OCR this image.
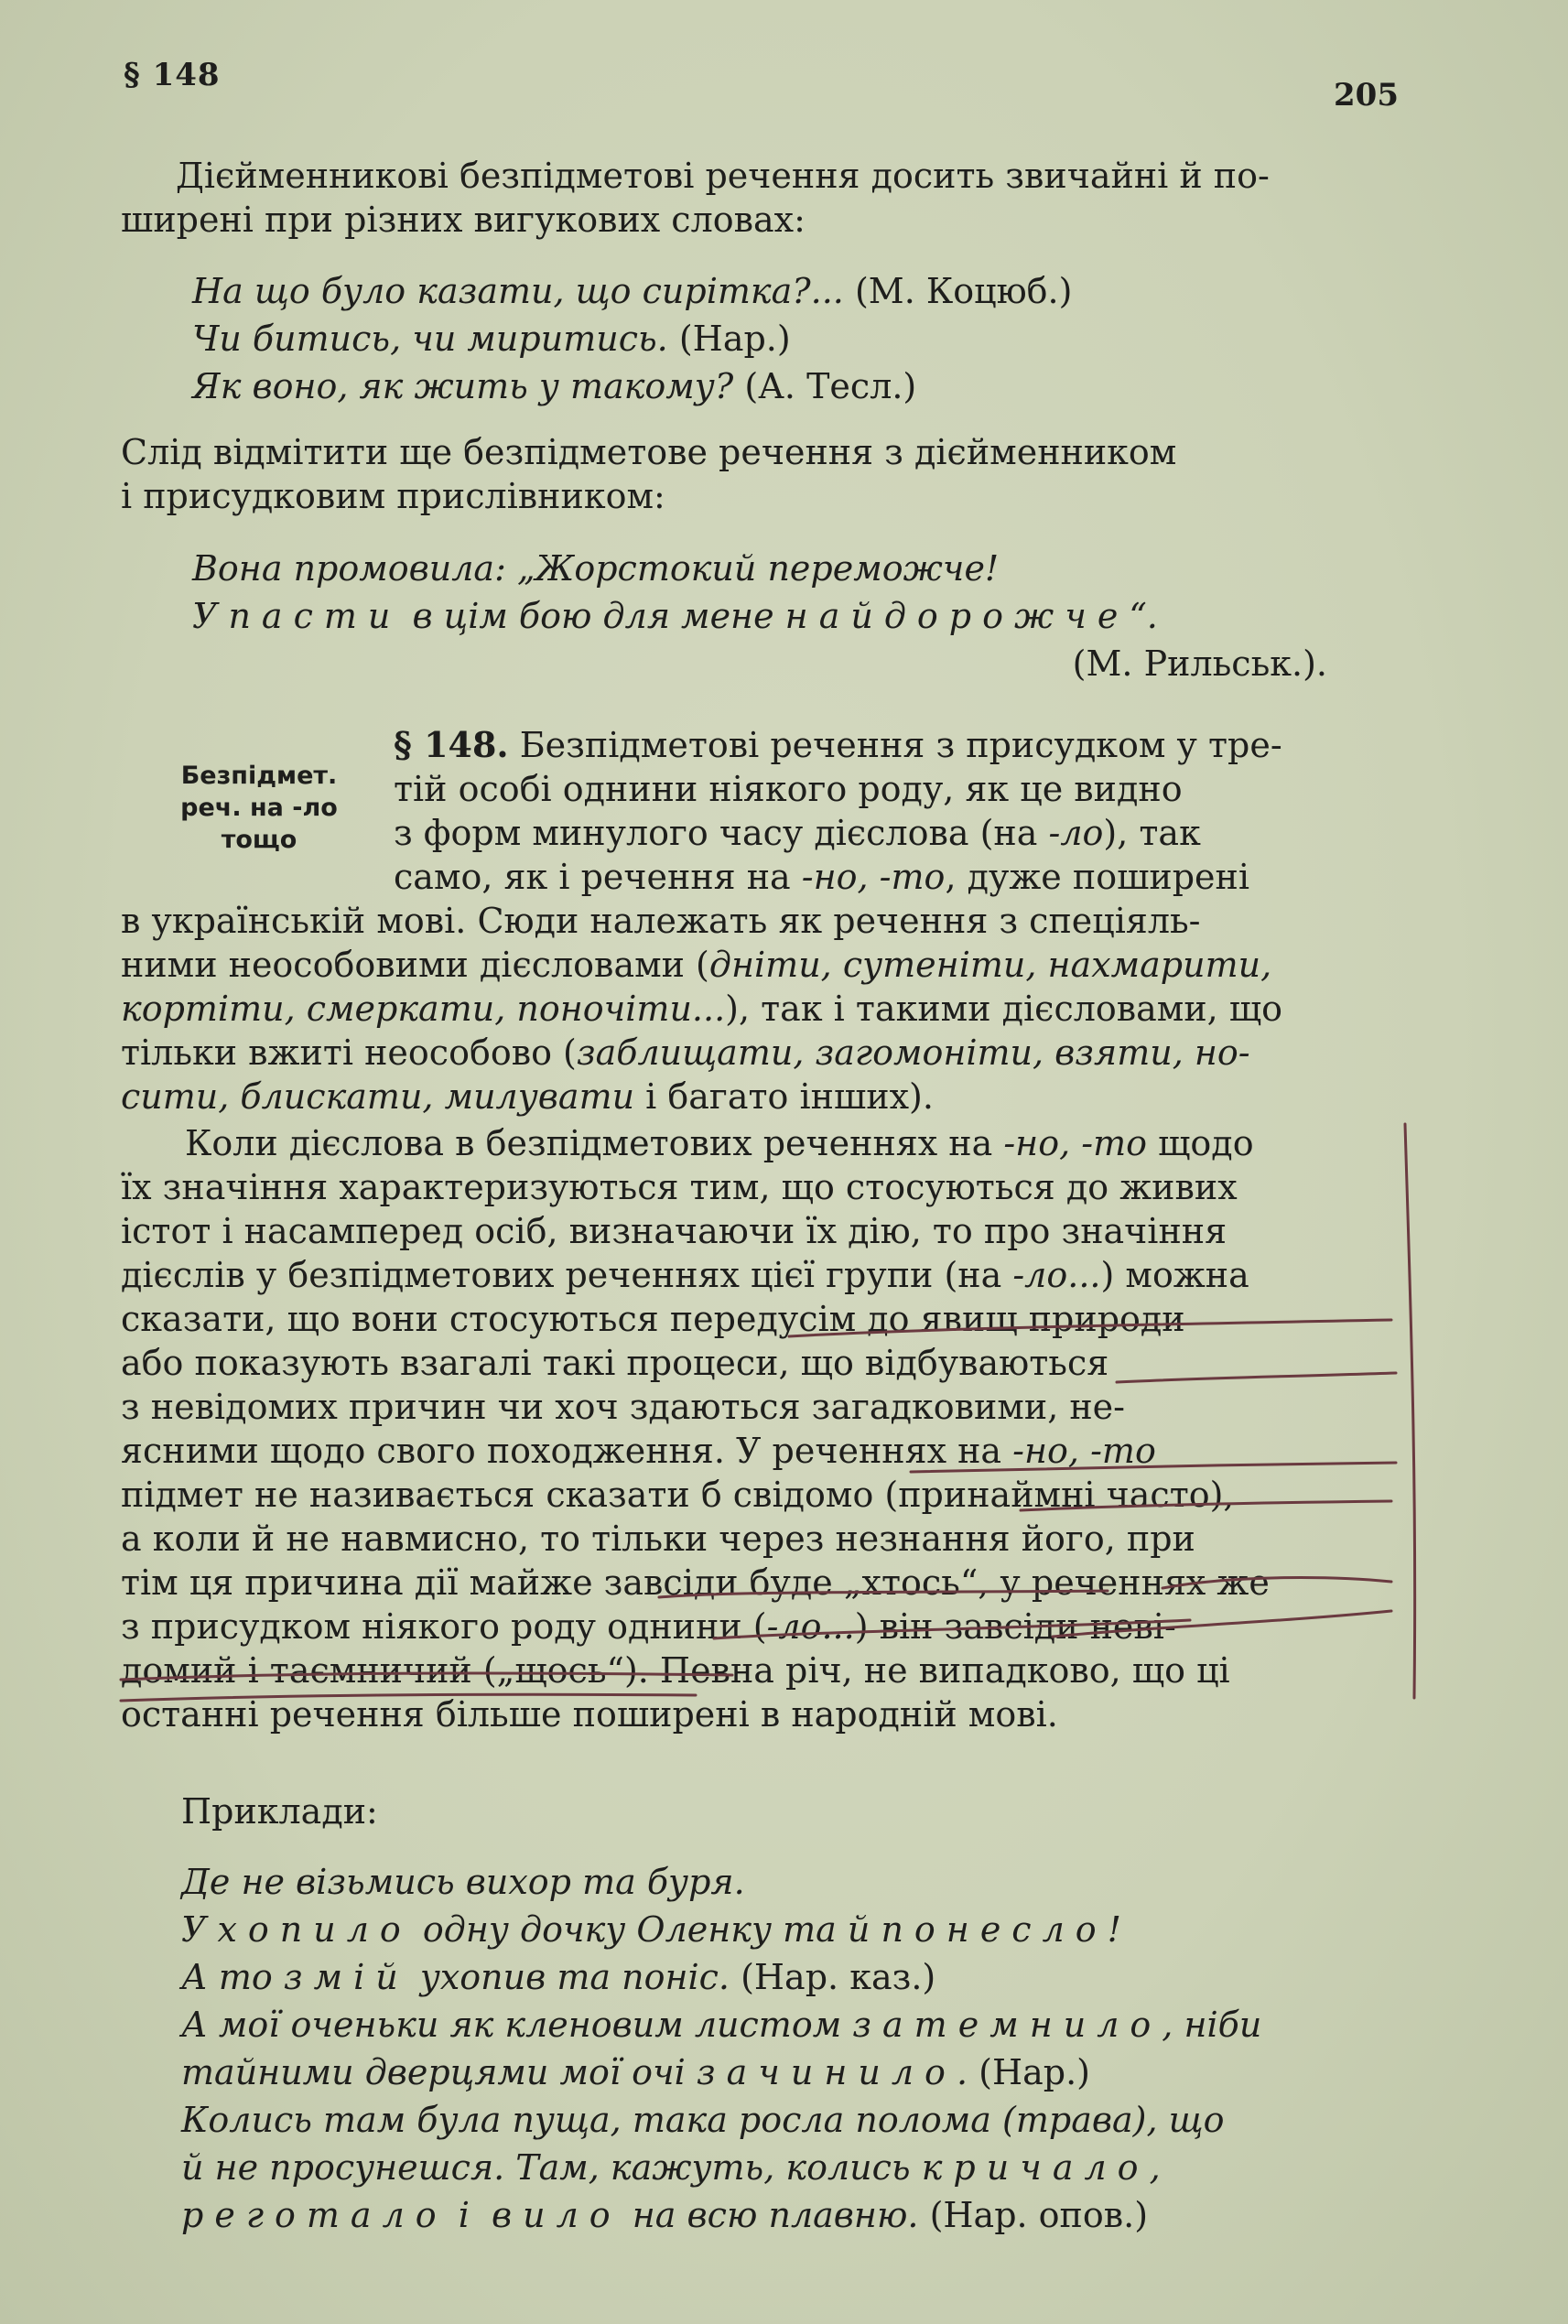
§ 148
205
Дієйменникові безпідметові речення досить звичайні й по-
ширені при різних вигукових словах:
На що було казати, що сирітка?... (М. Коцюб.)
Чи битись, чи миритись. (Нар.)
Як воно, як жить у такому? (А. Тесл.)
Слід відмітити ще безпідметове речення з дієйменником
і присудковим прислівником:
Вона промовила: „Жорстокий переможче!
Упасти в цім бою для мене найдорожче“.
(М. Рильськ.).
Безпідмет.
реч. на -ло
тощо
§ 148. Безпідметові речення з присудком у тре-
тій особі однини ніякого роду, як це видно
з форм минулого часу дієслова (на -ло), так
само, як і речення на -но, -то, дуже поширені
в українській мові. Сюди належать як речення з спеціяль-
ними неособовими дієсловами (дніти, сутеніти, нахмарити,
кортіти, смеркати, поночіти...), так і такими дієсловами, що
тільки вжиті неособово (заблищати, загомоніти, взяти, но-
сити, блискати, милувати і багато інших).
Коли дієслова в безпідметових реченнях на -но, -то щодо
їх значіння характеризуються тим, що стосуються до живих
істот і насамперед осіб, визначаючи їх дію, то про значіння
дієслів у безпідметових реченнях цієї групи (на -ло...) можна
сказати, що вони стосуються передусім до явищ природи
або показують взагалі такі процеси, що відбуваються
з невідомих причин чи хоч здаються загадковими, не-
ясними щодо свого походження. У реченнях на -но, -то
підмет не називається сказати б свідомо (принаймні часто),
а коли й не навмисно, то тільки через незнання його, при
тім ця причина дії майже завсіди буде „хтось“, у реченнях же
з присудком ніякого роду однини (-ло...) він завсіди неві-
домий і таємничий („щось“). Певна річ, не випадково, що ці
останні речення більше поширені в народній мові.
Приклади:
Де не візьмись вихор та буря.
Ухопило одну дочку Оленку та й понесло!
А то змій ухопив та поніс. (Нар. каз.)
А мої оченьки як кленовим листом затемнило, ніби
тайними дверцями мої очі зачинило. (Нар.)
Колись там була пуща, така росла полома (трава), що
й не просунешся. Там, кажуть, колись кричало,
реготало і вило на всю плавню. (Нар. опов.)
